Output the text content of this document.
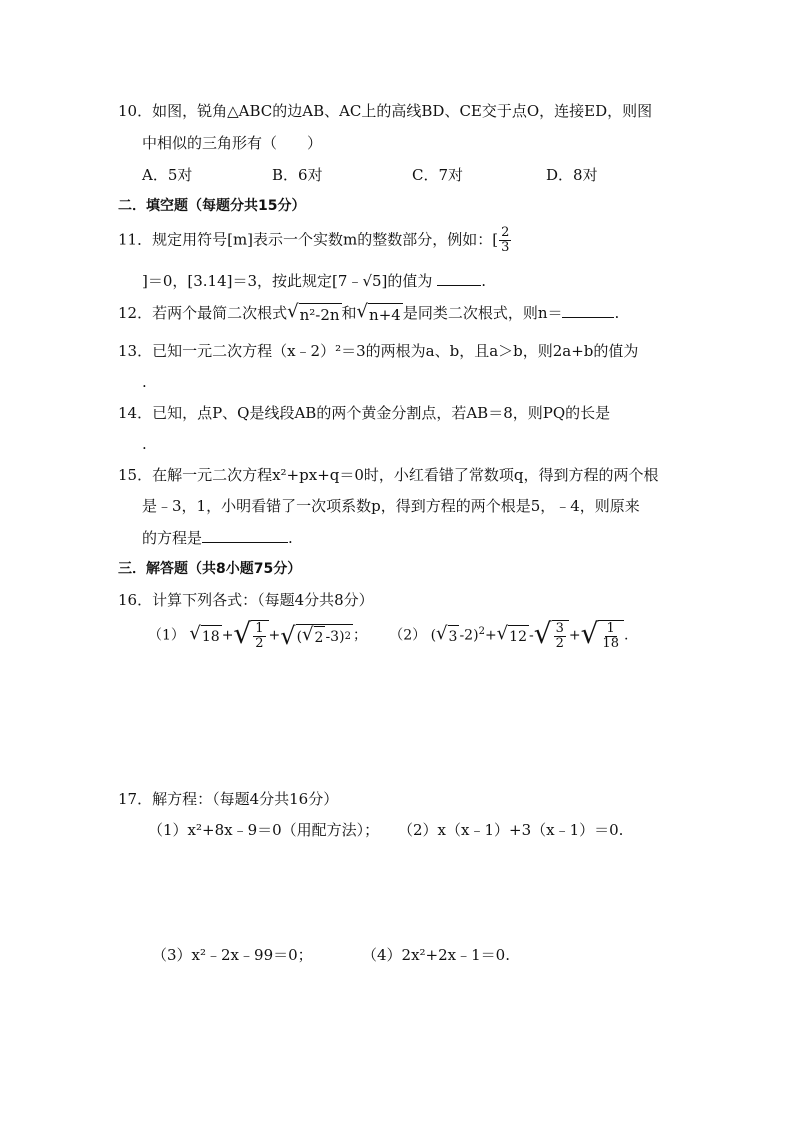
10．如图，锐角△ABC的边AB、AC上的高线BD、CE交于点O，连接ED，则图
中相似的三角形有（　　）
A．5对	B．6对	C．7对	D．8对
二．填空题（每题分共15分）
11．规定用符号[m]表示一个实数m的整数部分，例如：[ $\frac{2}{3}$
]＝0，[3.14]＝3，按此规定[7﹣√5]的值为	.
12．若两个最简二次根式 √ n²-2n 和 √ n+4 是同类二次根式，则n＝	.
13．已知一元二次方程（x﹣2）²＝3的两根为a、b，且a＞b，则2a+b的值为
.
14．已知，点P、Q是线段AB的两个黄金分割点，若AB＝8，则PQ的长是
.
15．在解一元二次方程x²+px+q＝0时，小红看错了常数项q，得到方程的两个根
是﹣3，1，小明看错了一次项系数p，得到方程的两个根是5，﹣4，则原来
的方程是	.
三．解答题（共8小题75分）
16．计算下列各式：（每题4分共8分）
（1） √ 18 + √ $\frac{1}{2}$ + √ ( √ 2 -3) 2 ；     （2） ( √ 3 -2)$^2$+ √ 12 - √ $\frac{3}{2}$ + √ $\frac{1}{18}$ .
17．解方程：（每题4分共16分）
（1）x²+8x﹣9＝0（用配方法）； （2）x（x﹣1）+3（x﹣1）＝0.
（3）x²﹣2x﹣99＝0；	（4）2x²+2x﹣1＝0.
